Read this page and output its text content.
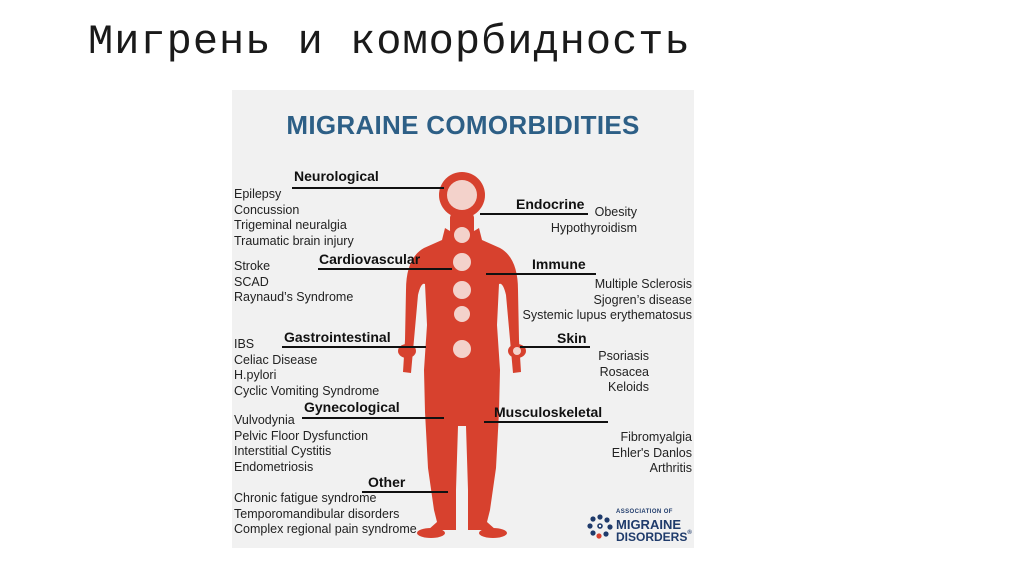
Мигрень и коморбидность
MIGRAINE COMORBIDITIES
Neurological
Epilepsy
Concussion
Trigeminal neuralgia
Traumatic brain injury
Cardiovascular
Stroke
SCAD
Raynaud’s Syndrome
Gastrointestinal
IBS
Celiac Disease
H.pylori
Cyclic Vomiting Syndrome
Gynecological
Vulvodynia
Pelvic Floor Dysfunction
Interstitial Cystitis
Endometriosis
Other
Chronic fatigue syndrome
Temporomandibular disorders
Complex regional pain syndrome
Endocrine Obesity
Hypothyroidism
Immune
Multiple Sclerosis
Sjogren’s disease
Systemic lupus erythematosus
Skin
Psoriasis
Rosacea
Keloids
Musculoskeletal
Fibromyalgia
Ehler's Danlos
Arthritis
ASSOCIATION OF
MIGRAINE
DISORDERS®
